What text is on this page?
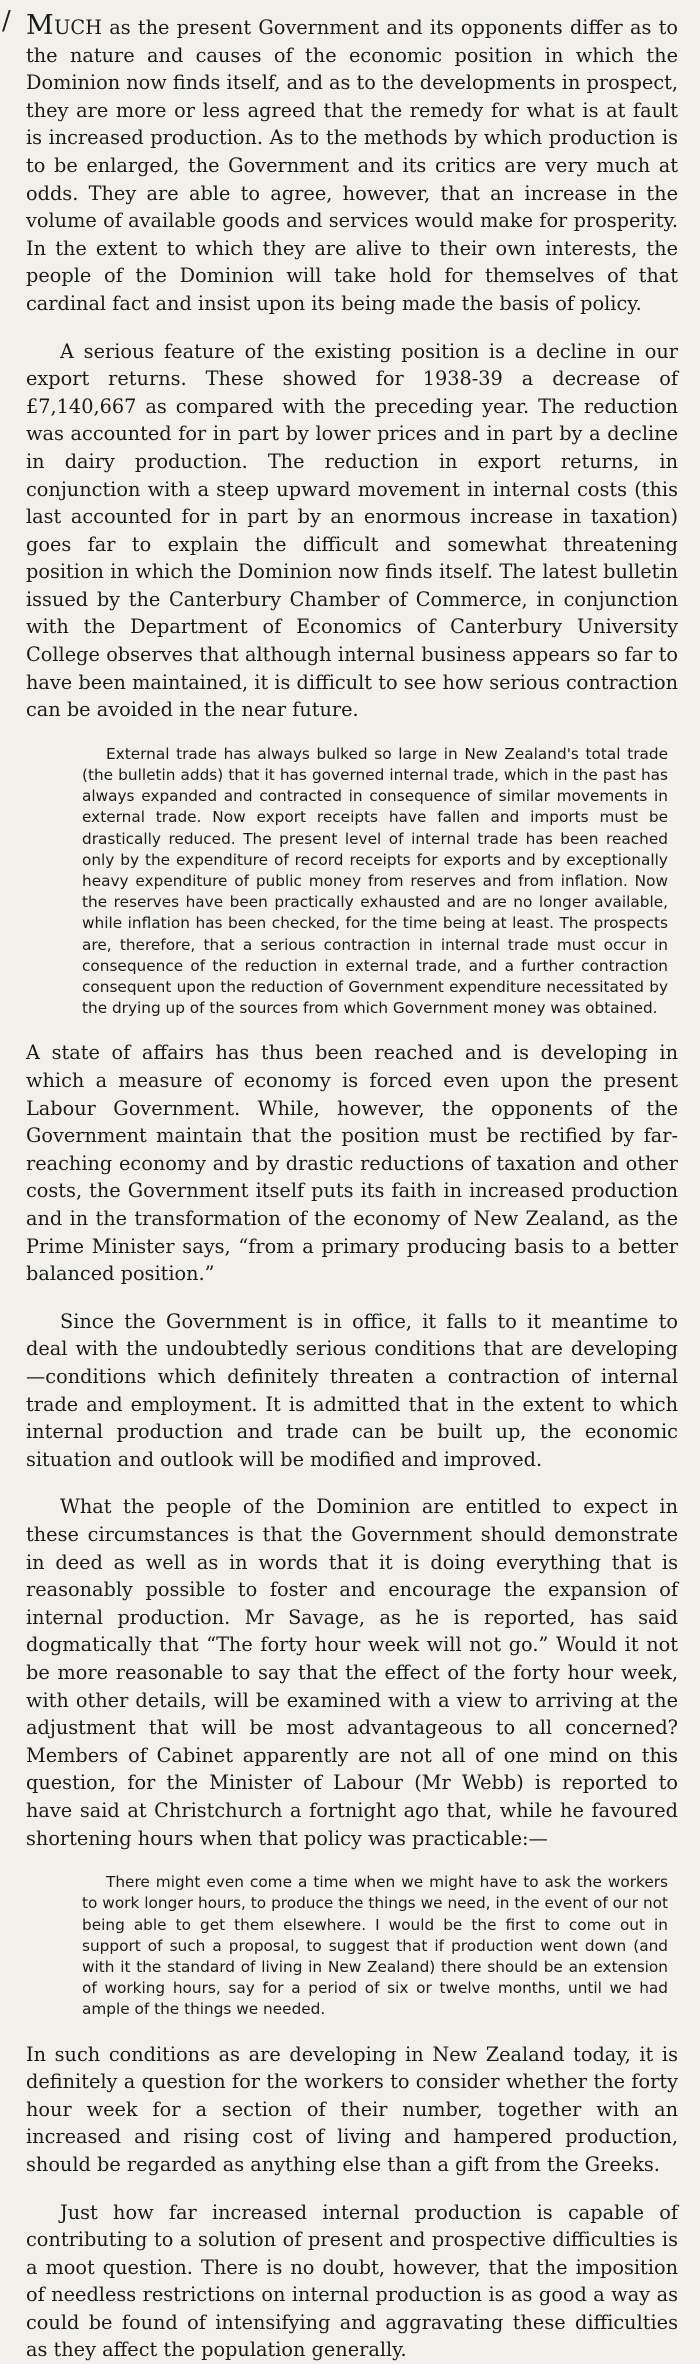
/ MUCH as the present Government and its opponents differ as to the nature and causes of the economic position in which the Dominion now finds itself, and as to the developments in prospect, they are more or less agreed that the remedy for what is at fault is increased production. As to the methods by which production is to be enlarged, the Government and its critics are very much at odds. They are able to agree, however, that an increase in the volume of available goods and services would make for prosperity. In the extent to which they are alive to their own interests, the people of the Dominion will take hold for themselves of that cardinal fact and insist upon its being made the basis of policy.

A serious feature of the existing position is a decline in our export returns. These showed for 1938-39 a decrease of £7,140,667 as compared with the preceding year. The reduction was accounted for in part by lower prices and in part by a decline in dairy production. The reduction in export returns, in conjunction with a steep upward movement in internal costs (this last accounted for in part by an enormous increase in taxation) goes far to explain the difficult and somewhat threatening position in which the Dominion now finds itself. The latest bulletin issued by the Canterbury Chamber of Commerce, in conjunction with the Department of Economics of Canterbury University College observes that although internal business appears so far to have been maintained, it is difficult to see how serious contraction can be avoided in the near future.

External trade has always bulked so large in New Zealand's total trade (the bulletin adds) that it has governed internal trade, which in the past has always expanded and contracted in consequence of similar movements in external trade. Now export receipts have fallen and imports must be drastically reduced. The present level of internal trade has been reached only by the expenditure of record receipts for exports and by exceptionally heavy expenditure of public money from reserves and from inflation. Now the reserves have been practically exhausted and are no longer available, while inflation has been checked, for the time being at least. The prospects are, therefore, that a serious contraction in internal trade must occur in consequence of the reduction in external trade, and a further contraction consequent upon the reduction of Government expenditure necessitated by the drying up of the sources from which Government money was obtained.

A state of affairs has thus been reached and is developing in which a measure of economy is forced even upon the present Labour Government. While, however, the opponents of the Government maintain that the position must be rectified by far-reaching economy and by drastic reductions of taxation and other costs, the Government itself puts its faith in increased production and in the transformation of the economy of New Zealand, as the Prime Minister says, “from a primary producing basis to a better balanced position.”

Since the Government is in office, it falls to it meantime to deal with the undoubtedly serious conditions that are developing—conditions which definitely threaten a contraction of internal trade and employment. It is admitted that in the extent to which internal production and trade can be built up, the economic situation and outlook will be modified and improved.

What the people of the Dominion are entitled to expect in these circumstances is that the Government should demonstrate in deed as well as in words that it is doing everything that is reasonably possible to foster and encourage the expansion of internal production. Mr Savage, as he is reported, has said dogmatically that “The forty hour week will not go.” Would it not be more reasonable to say that the effect of the forty hour week, with other details, will be examined with a view to arriving at the adjustment that will be most advantageous to all concerned? Members of Cabinet apparently are not all of one mind on this question, for the Minister of Labour (Mr Webb) is reported to have said at Christchurch a fortnight ago that, while he favoured shortening hours when that policy was practicable:—

There might even come a time when we might have to ask the workers to work longer hours, to produce the things we need, in the event of our not being able to get them elsewhere. I would be the first to come out in support of such a proposal, to suggest that if production went down (and with it the standard of living in New Zealand) there should be an extension of working hours, say for a period of six or twelve months, until we had ample of the things we needed.

In such conditions as are developing in New Zealand today, it is definitely a question for the workers to consider whether the forty hour week for a section of their number, together with an increased and rising cost of living and hampered production, should be regarded as anything else than a gift from the Greeks.

Just how far increased internal production is capable of contributing to a solution of present and prospective difficulties is a moot question. There is no doubt, however, that the imposition of needless restrictions on internal production is as good a way as could be found of intensifying and aggravating these difficulties as they affect the population generally.
